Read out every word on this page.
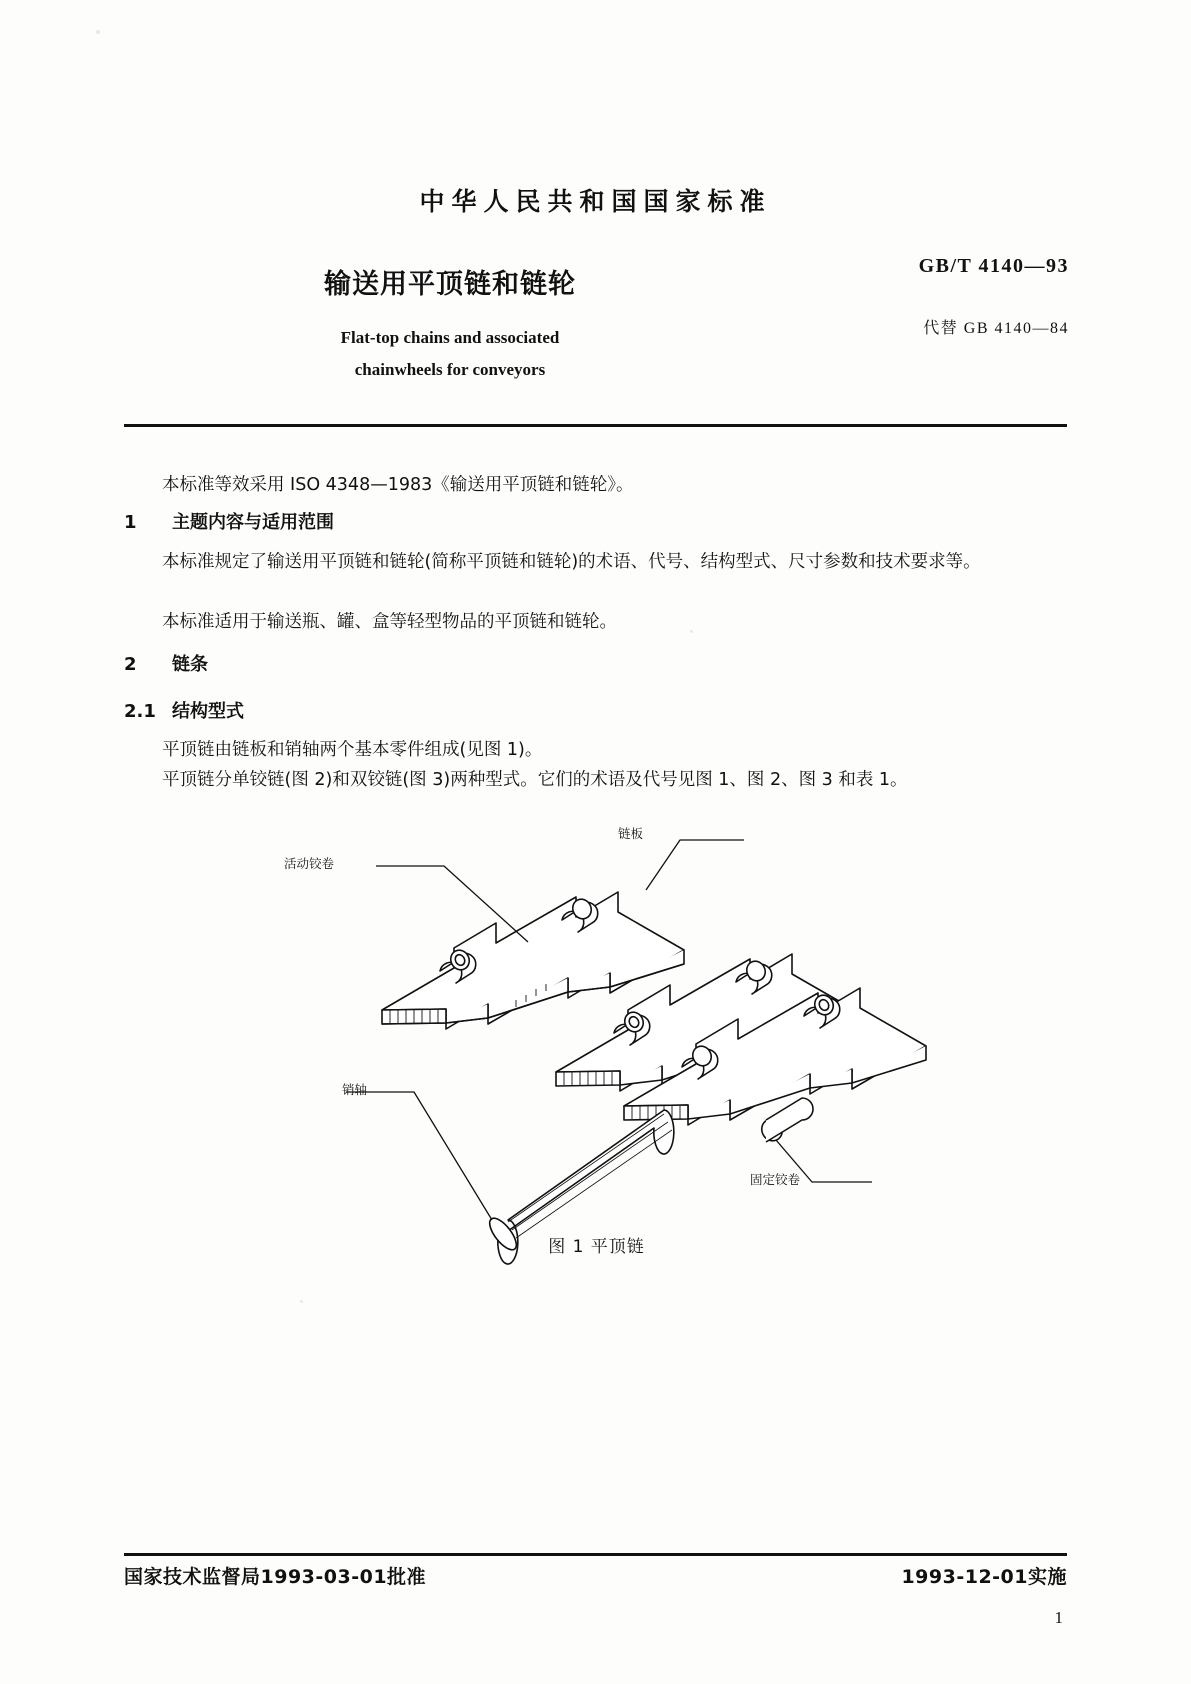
中华人民共和国国家标准
输送用平顶链和链轮
Flat-top chains and associated
chainwheels for conveyors
GB/T 4140—93
代替 GB 4140—84
本标准等效采用 ISO 4348—1983《输送用平顶链和链轮》。
1 主题内容与适用范围
本标准规定了输送用平顶链和链轮(简称平顶链和链轮)的术语、代号、结构型式、尺寸参数和技术要求等。
本标准适用于输送瓶、罐、盒等轻型物品的平顶链和链轮。
2 链条
2.1 结构型式
平顶链由链板和销轴两个基本零件组成(见图 1)。
平顶链分单铰链(图 2)和双铰链(图 3)两种型式。它们的术语及代号见图 1、图 2、图 3 和表 1。
链板
活动铰卷
销轴
固定铰卷
图 1 平顶链
国家技术监督局1993-03-01批准	1993-12-01实施
1
